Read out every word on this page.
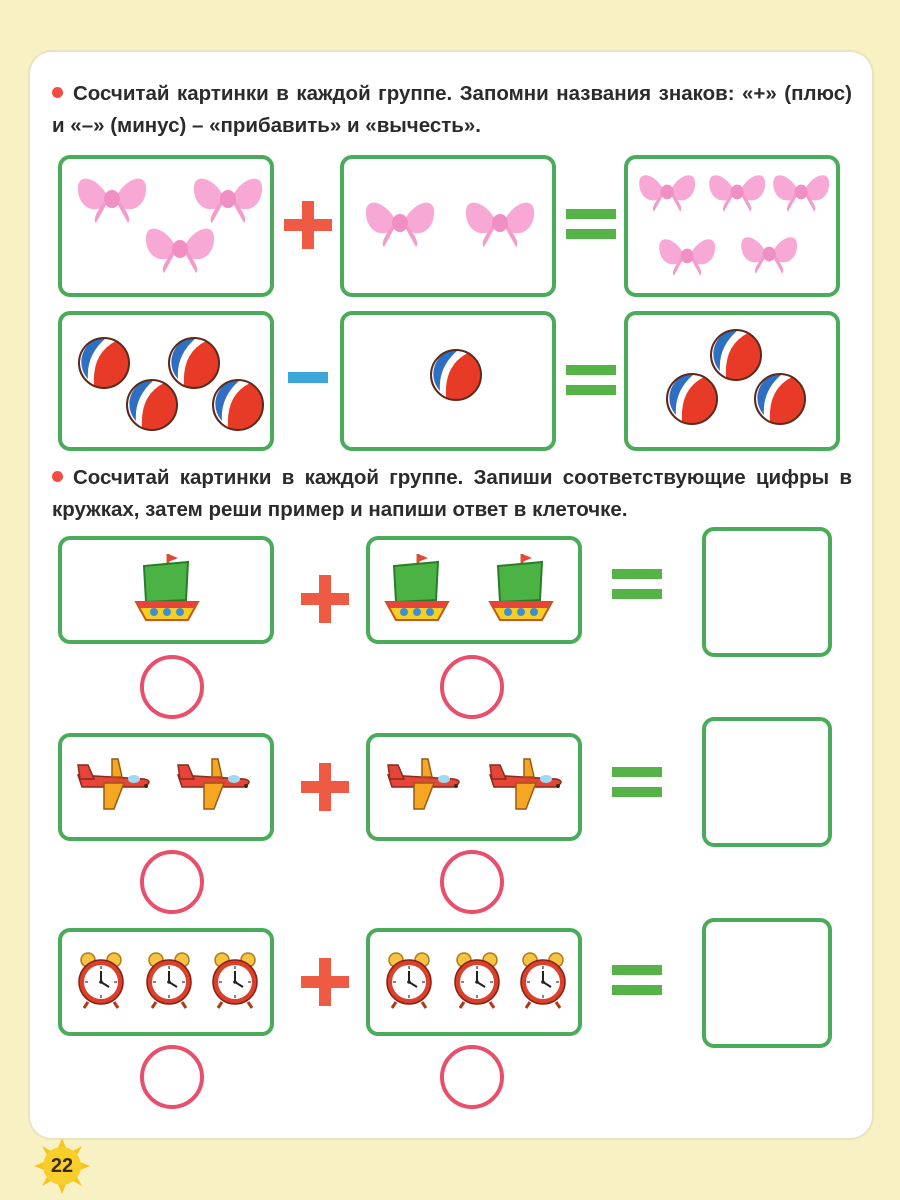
Сосчитай картинки в каждой группе. Запомни названия знаков: «+» (плюс) и «–» (минус) – «прибавить» и «вычесть».
Сосчитай картинки в каждой группе. Запиши соответствующие цифры в кружках, затем реши пример и напиши ответ в клеточке.
22
